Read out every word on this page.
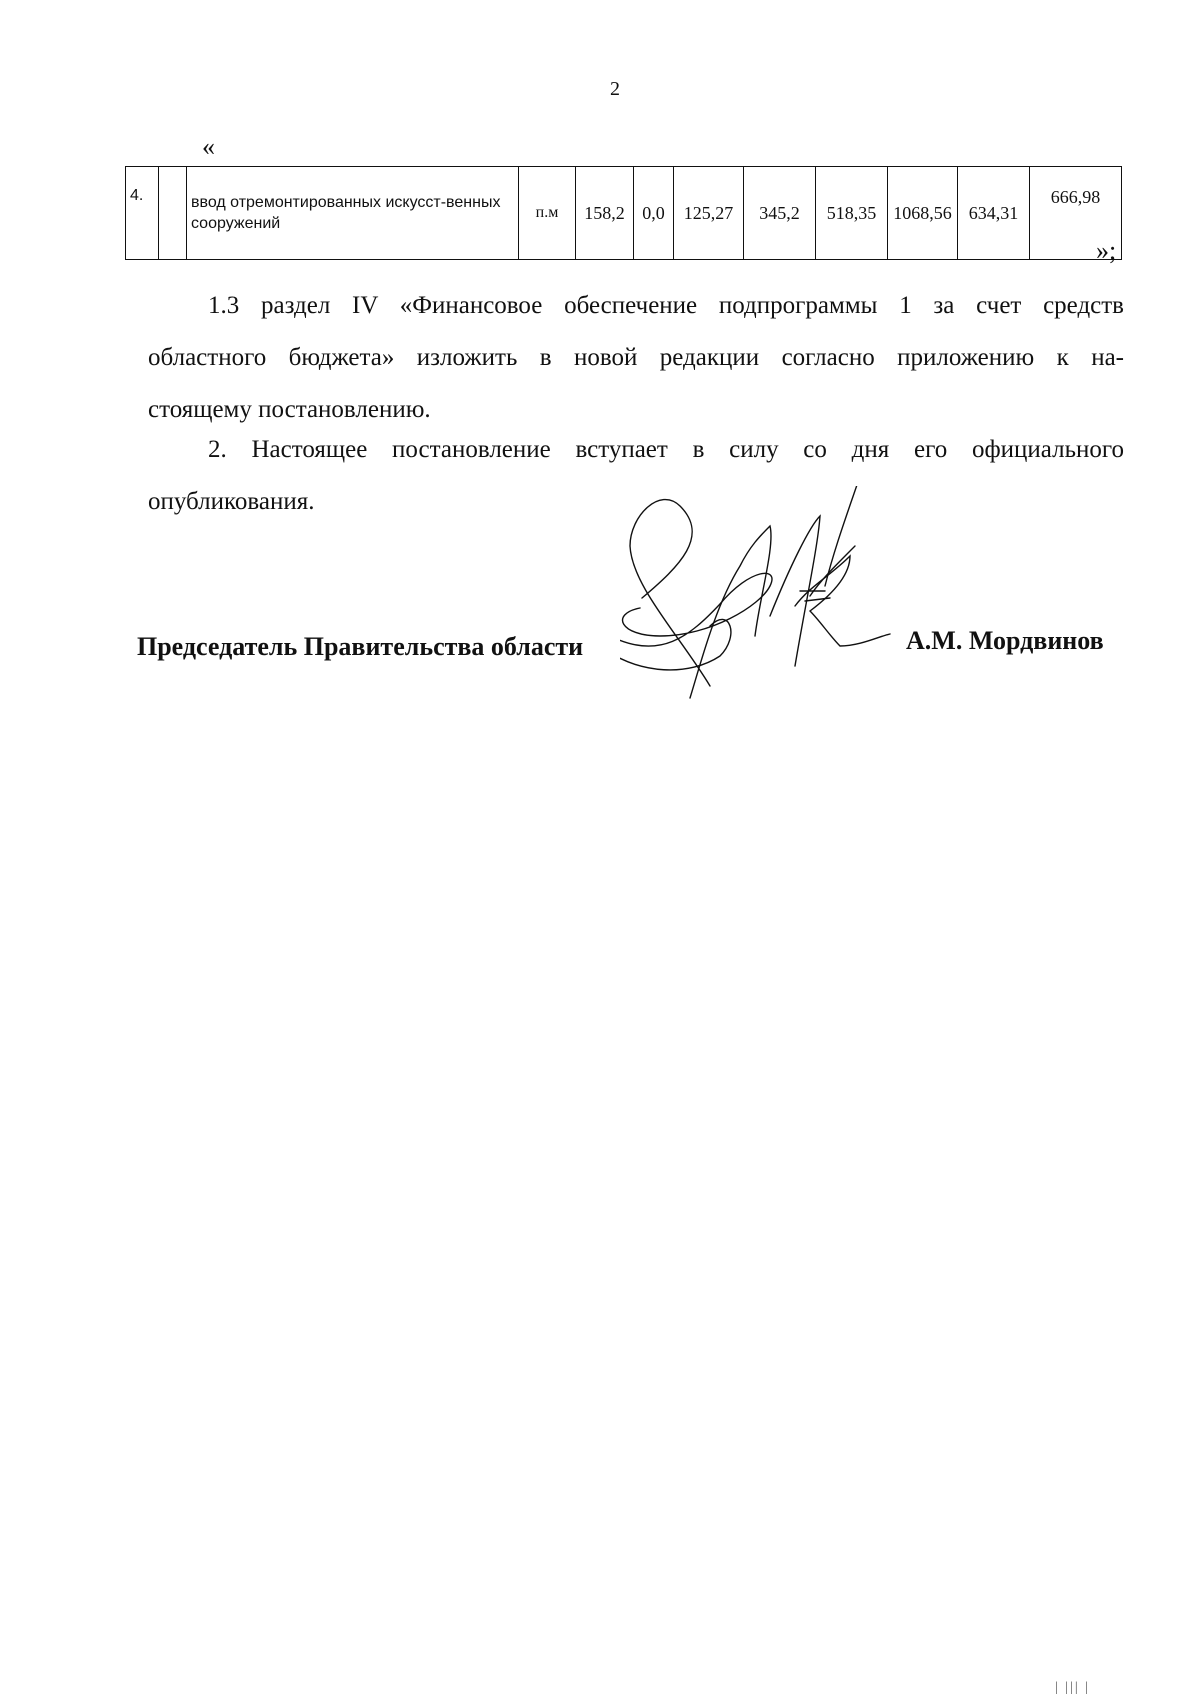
2
«
4.		ввод отремонтированных искусст-венных сооружений	п.м	158,2	0,0	125,27	345,2	518,35	1068,56	634,31	666,98
»;
1.3 раздел IV «Финансовое обеспечение подпрограммы 1 за счет средств
областного бюджета» изложить в новой редакции согласно приложению к на-
стоящему постановлению.
2. Настоящее постановление вступает в силу со дня его официального
опубликования.
Председатель Правительства области	А.М. Мордвинов
| ||| |
